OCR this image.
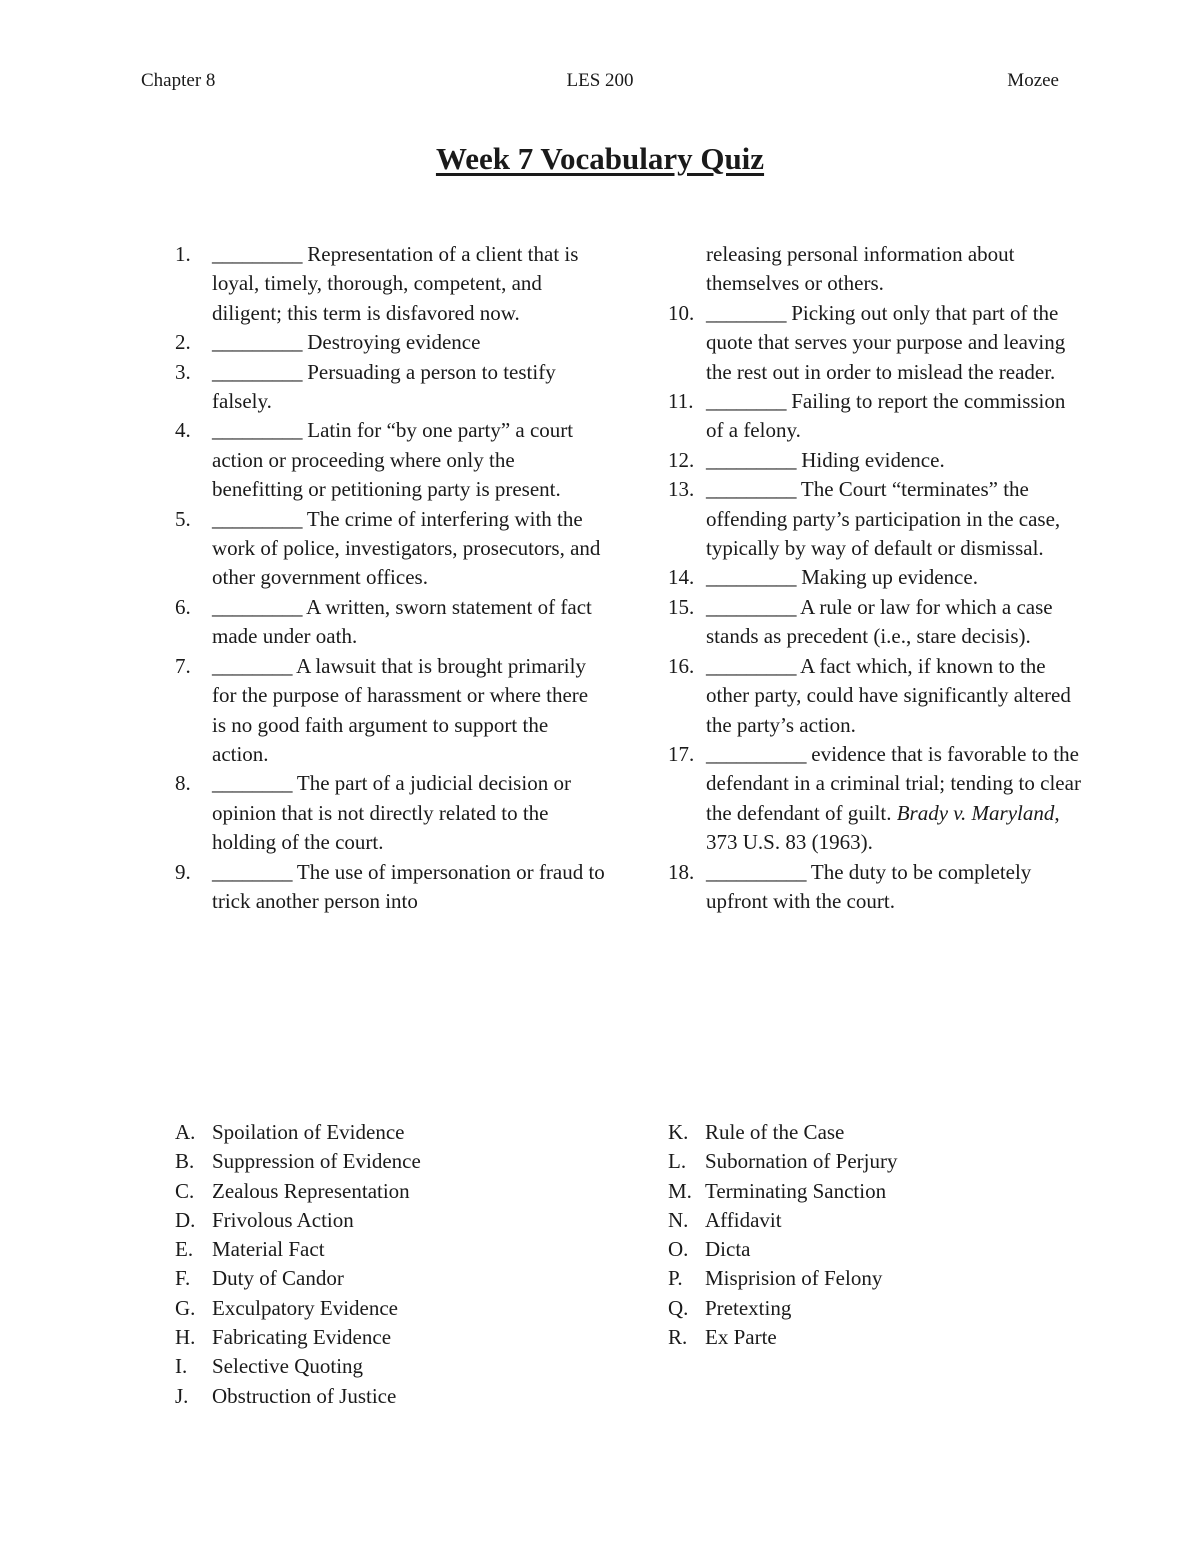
Chapter 8	LES 200	Mozee
Week 7 Vocabulary Quiz
1. _________ Representation of a client that is loyal, timely, thorough, competent, and diligent; this term is disfavored now.
2. _________ Destroying evidence
3. _________ Persuading a person to testify falsely.
4. _________ Latin for “by one party” a court action or proceeding where only the benefitting or petitioning party is present.
5. _________ The crime of interfering with the work of police, investigators, prosecutors, and other government offices.
6. _________ A written, sworn statement of fact made under oath.
7. ________ A lawsuit that is brought primarily for the purpose of harassment or where there is no good faith argument to support the action.
8. ________ The part of a judicial decision or opinion that is not directly related to the holding of the court.
9. ________ The use of impersonation or fraud to trick another person into
releasing personal information about themselves or others.
10. ________ Picking out only that part of the quote that serves your purpose and leaving the rest out in order to mislead the reader.
11. ________ Failing to report the commission of a felony.
12. _________ Hiding evidence.
13. _________ The Court “terminates” the offending party’s participation in the case, typically by way of default or dismissal.
14. _________ Making up evidence.
15. _________ A rule or law for which a case stands as precedent (i.e., stare decisis).
16. _________ A fact which, if known to the other party, could have significantly altered the party’s action.
17. __________ evidence that is favorable to the defendant in a criminal trial; tending to clear the defendant of guilt. Brady v. Maryland, 373 U.S. 83 (1963).
18. __________ The duty to be completely upfront with the court.
A. Spoilation of Evidence
B. Suppression of Evidence
C. Zealous Representation
D. Frivolous Action
E. Material Fact
F. Duty of Candor
G. Exculpatory Evidence
H. Fabricating Evidence
I. Selective Quoting
J. Obstruction of Justice
K. Rule of the Case
L. Subornation of Perjury
M. Terminating Sanction
N. Affidavit
O. Dicta
P. Misprision of Felony
Q. Pretexting
R. Ex Parte
